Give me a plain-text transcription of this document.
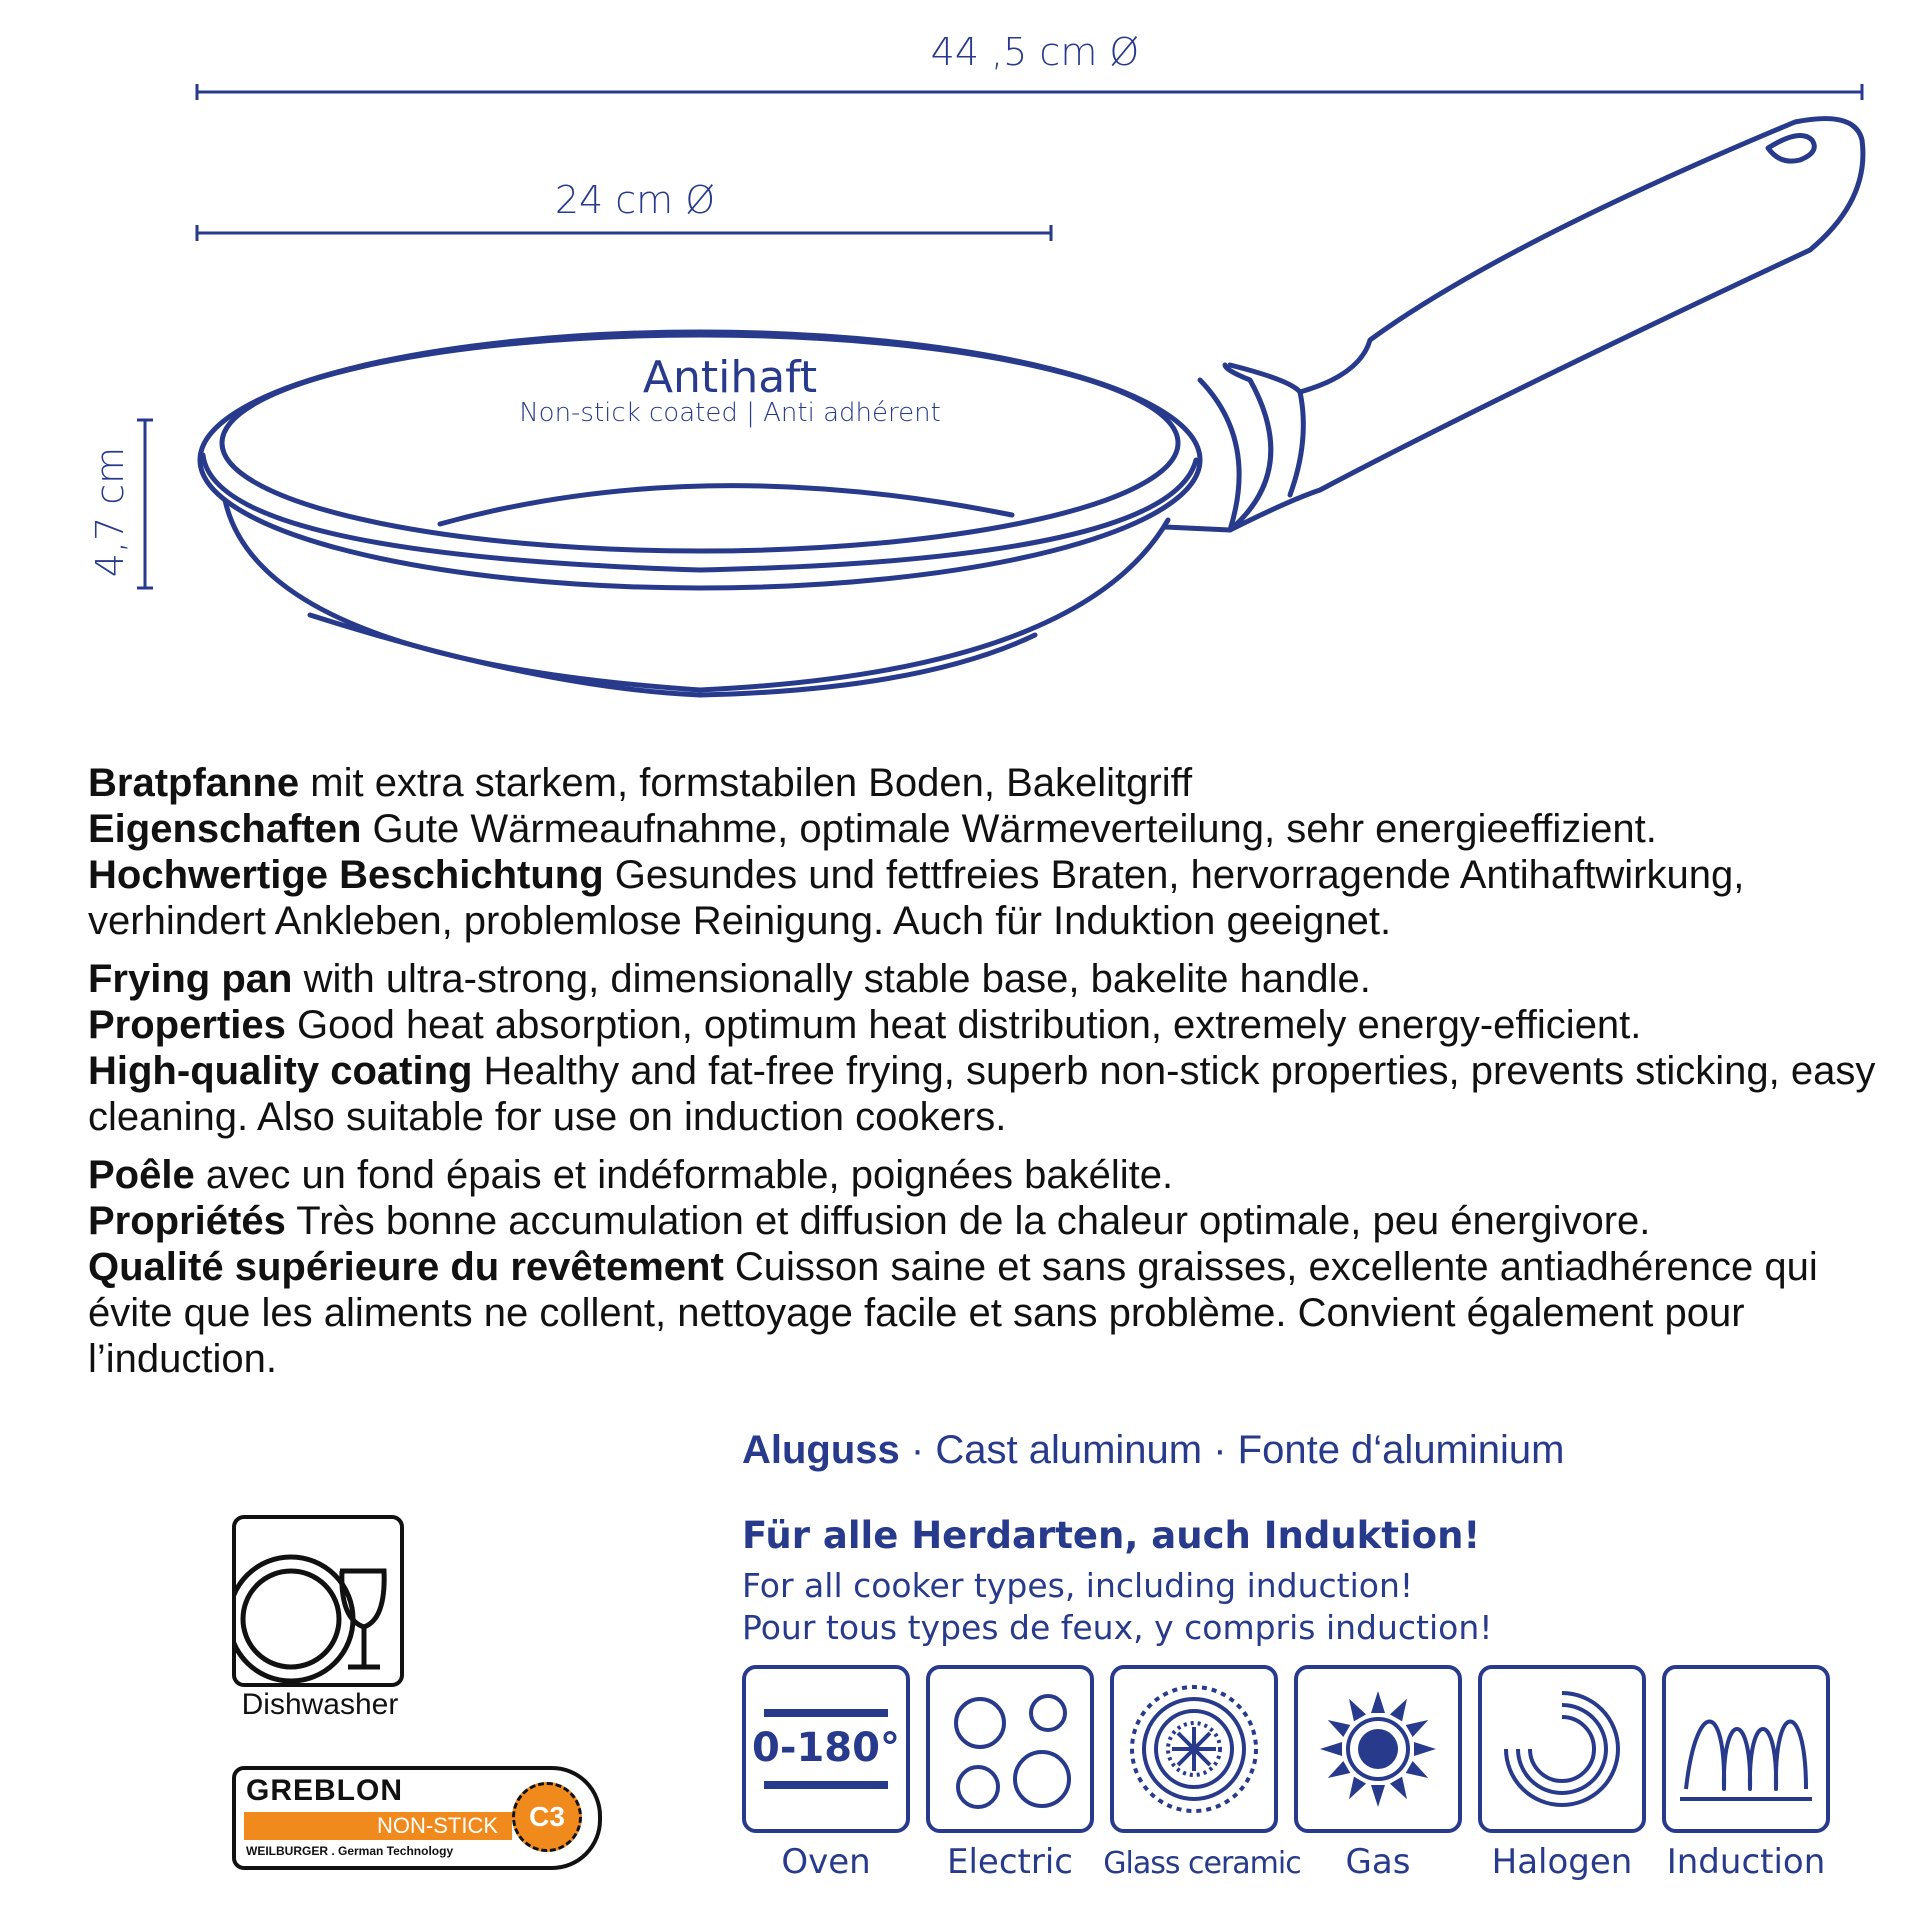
44 ,5 cm Ø
24 cm Ø
4,7 cm
Antihaft
Non-stick coated | Anti adhérent

Bratpfanne mit extra starkem, formstabilen Boden, Bakelitgriff

Eigenschaften Gute Wärmeaufnahme, optimale Wärmeverteilung, sehr energieeffizient.

Hochwertige Beschichtung Gesundes und fettfreies Braten, hervorragende Antihaftwirkung, verhindert Ankleben, problemlose Reinigung. Auch für Induktion geeignet.

Frying pan with ultra-strong, dimensionally stable base, bakelite handle.

Properties Good heat absorption, optimum heat distribution, extremely energy-efficient.

High-quality coating Healthy and fat-free frying, superb non-stick properties, prevents sticking, easy cleaning. Also suitable for use on induction cookers.

Poêle avec un fond épais et indéformable, poignées bakélite.

Propriétés Très bonne accumulation et diffusion de la chaleur optimale, peu énergivore.

Qualité supérieure du revêtement Cuisson saine et sans graisses, excellente antiadhérence qui évite que les aliments ne collent, nettoyage facile et sans problème. Convient également pour l’induction.

Aluguss · Cast aluminum · Fonte d‘aluminium
Für alle Herdarten, auch Induktion!
For all cooker types, including induction!
Pour tous types de feux, y compris induction!
0-180°
Oven	Electric	Glass ceramic	Gas	Halogen	Induction
Dishwasher
GREBLON
NON-STICK
WEILBURGER . German Technology
C3
